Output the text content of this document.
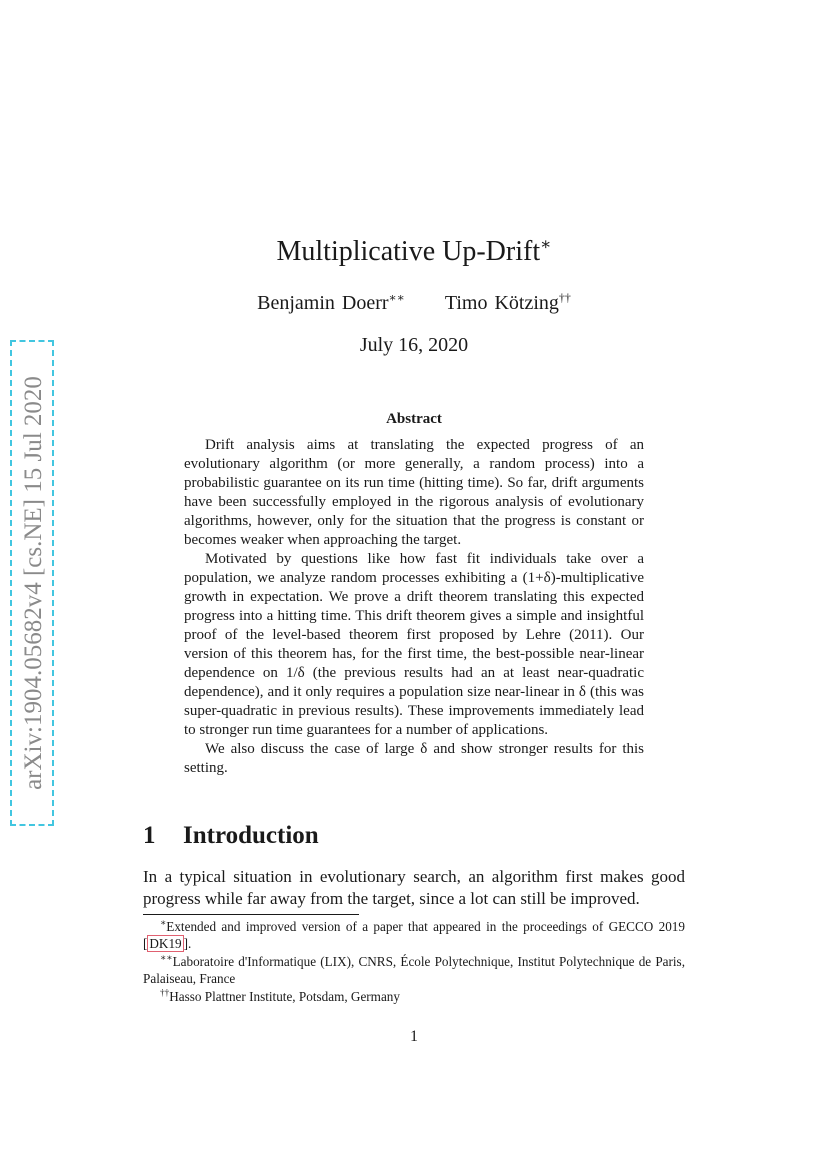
arXiv:1904.05682v4 [cs.NE] 15 Jul 2020
Multiplicative Up-Drift∗
Benjamin Doerr∗∗ Timo Kötzing††
July 16, 2020
Abstract

Drift analysis aims at translating the expected progress of an evolutionary algorithm (or more generally, a random process) into a probabilistic guarantee on its run time (hitting time). So far, drift arguments have been successfully employed in the rigorous analysis of evolutionary algorithms, however, only for the situation that the progress is constant or becomes weaker when approaching the target.

Motivated by questions like how fast fit individuals take over a population, we analyze random processes exhibiting a (1+δ)-multiplicative growth in expectation. We prove a drift theorem translating this expected progress into a hitting time. This drift theorem gives a simple and insightful proof of the level-based theorem first proposed by Lehre (2011). Our version of this theorem has, for the first time, the best-possible near-linear dependence on 1/δ (the previous results had an at least near-quadratic dependence), and it only requires a population size near-linear in δ (this was super-quadratic in previous results). These improvements immediately lead to stronger run time guarantees for a number of applications.

We also discuss the case of large δ and show stronger results for this setting.

1 Introduction

In a typical situation in evolutionary search, an algorithm first makes good progress while far away from the target, since a lot can still be improved.

∗Extended and improved version of a paper that appeared in the proceedings of GECCO 2019 [ DK19 ].

∗∗Laboratoire d'Informatique (LIX), CNRS, École Polytechnique, Institut Polytechnique de Paris, Palaiseau, France

††Hasso Plattner Institute, Potsdam, Germany

1
